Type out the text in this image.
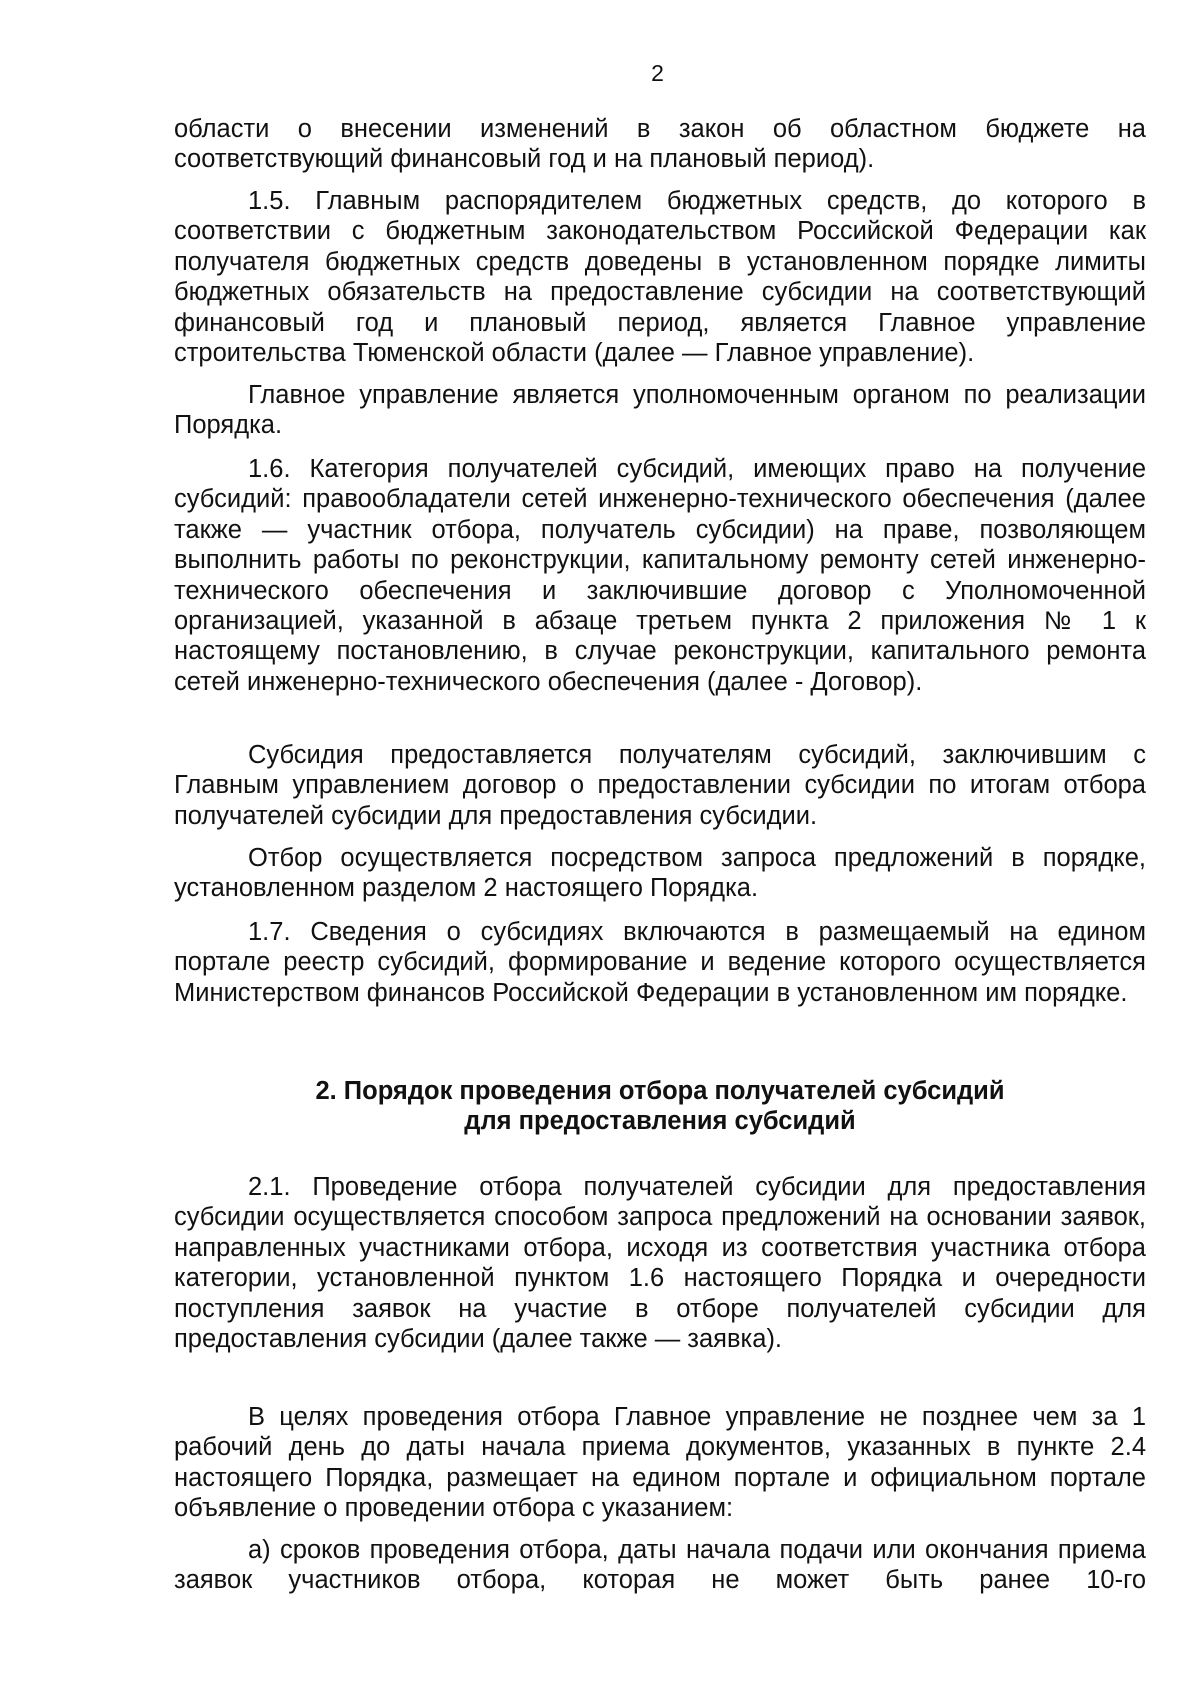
2

области о внесении изменений в закон об областном бюджете на соответствующий финансовый год и на плановый период).

1.5. Главным распорядителем бюджетных средств, до которого в соответствии с бюджетным законодательством Российской Федерации как получателя бюджетных средств доведены в установленном порядке лимиты бюджетных обязательств на предоставление субсидии на соответствующий финансовый год и плановый период, является Главное управление строительства Тюменской области (далее — Главное управление).

Главное управление является уполномоченным органом по реализации Порядка.

1.6. Категория получателей субсидий, имеющих право на получение субсидий: правообладатели сетей инженерно-технического обеспечения (далее также — участник отбора, получатель субсидии) на праве, позволяющем выполнить работы по реконструкции, капитальному ремонту сетей инженерно-технического обеспечения и заключившие договор с Уполномоченной организацией, указанной в абзаце третьем пункта 2 приложения № 1 к настоящему постановлению, в случае реконструкции, капитального ремонта сетей инженерно-технического обеспечения (далее - Договор).

Субсидия предоставляется получателям субсидий, заключившим с Главным управлением договор о предоставлении субсидии по итогам отбора получателей субсидии для предоставления субсидии.

Отбор осуществляется посредством запроса предложений в порядке, установленном разделом 2 настоящего Порядка.

1.7. Сведения о субсидиях включаются в размещаемый на едином портале реестр субсидий, формирование и ведение которого осуществляется Министерством финансов Российской Федерации в установленном им порядке.

2. Порядок проведения отбора получателей субсидий
для предоставления субсидий

2.1. Проведение отбора получателей субсидии для предоставления субсидии осуществляется способом запроса предложений на основании заявок, направленных участниками отбора, исходя из соответствия участника отбора категории, установленной пунктом 1.6 настоящего Порядка и очередности поступления заявок на участие в отборе получателей субсидии для предоставления субсидии (далее также — заявка).

В целях проведения отбора Главное управление не позднее чем за 1 рабочий день до даты начала приема документов, указанных в пункте 2.4 настоящего Порядка, размещает на едином портале и официальном портале объявление о проведении отбора с указанием:

а) сроков проведения отбора, даты начала подачи или окончания приема заявок участников отбора, которая не может быть ранее 10-го
